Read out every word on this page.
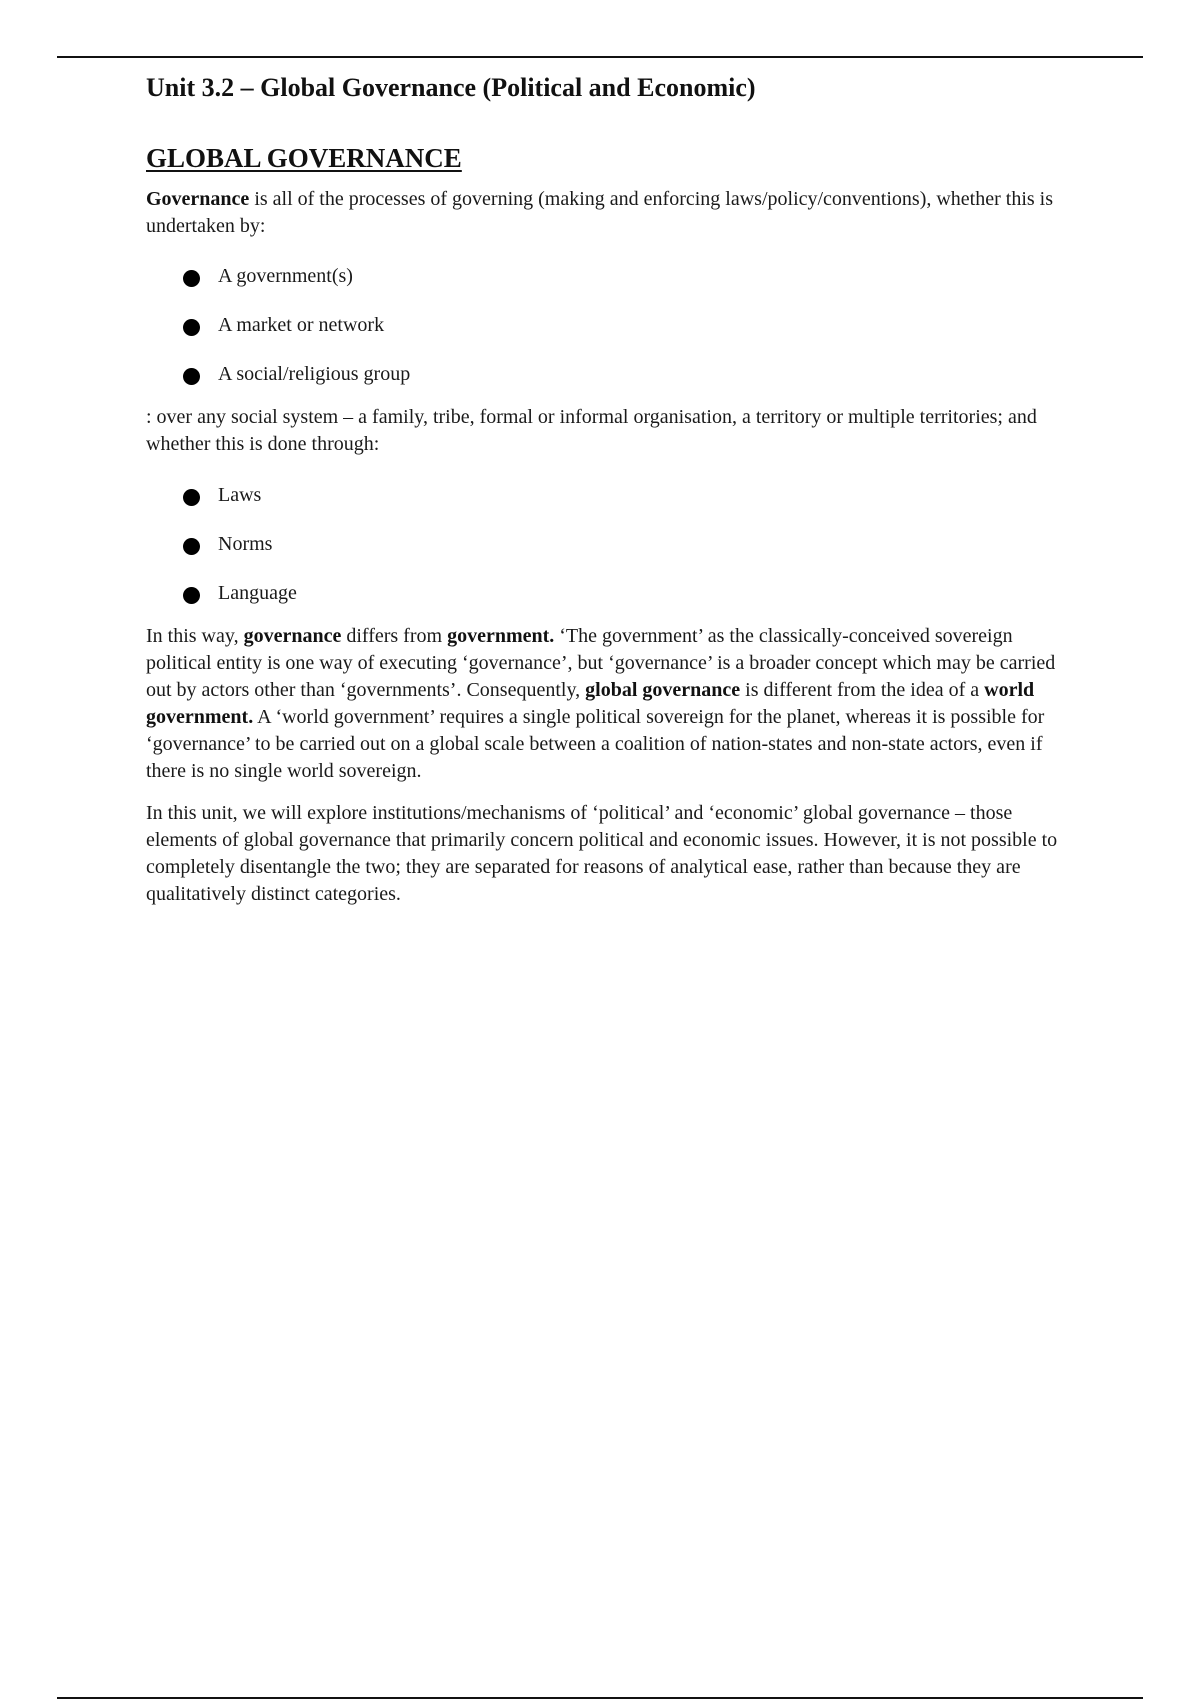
Unit 3.2 – Global Governance (Political and Economic)
GLOBAL GOVERNANCE

Governance is all of the processes of governing (making and enforcing laws/policy/conventions), whether this is undertaken by:

A government(s)
A market or network
A social/religious group

: over any social system – a family, tribe, formal or informal organisation, a territory or multiple territories; and whether this is done through:

Laws
Norms
Language

In this way, governance differs from government. ‘The government’ as the classically-conceived sovereign political entity is one way of executing ‘governance’, but ‘governance’ is a broader concept which may be carried out by actors other than ‘governments’. Consequently, global governance is different from the idea of a world government. A ‘world government’ requires a single political sovereign for the planet, whereas it is possible for ‘governance’ to be carried out on a global scale between a coalition of nation-states and non-state actors, even if there is no single world sovereign.

In this unit, we will explore institutions/mechanisms of ‘political’ and ‘economic’ global governance – those elements of global governance that primarily concern political and economic issues. However, it is not possible to completely disentangle the two; they are separated for reasons of analytical ease, rather than because they are qualitatively distinct categories.
